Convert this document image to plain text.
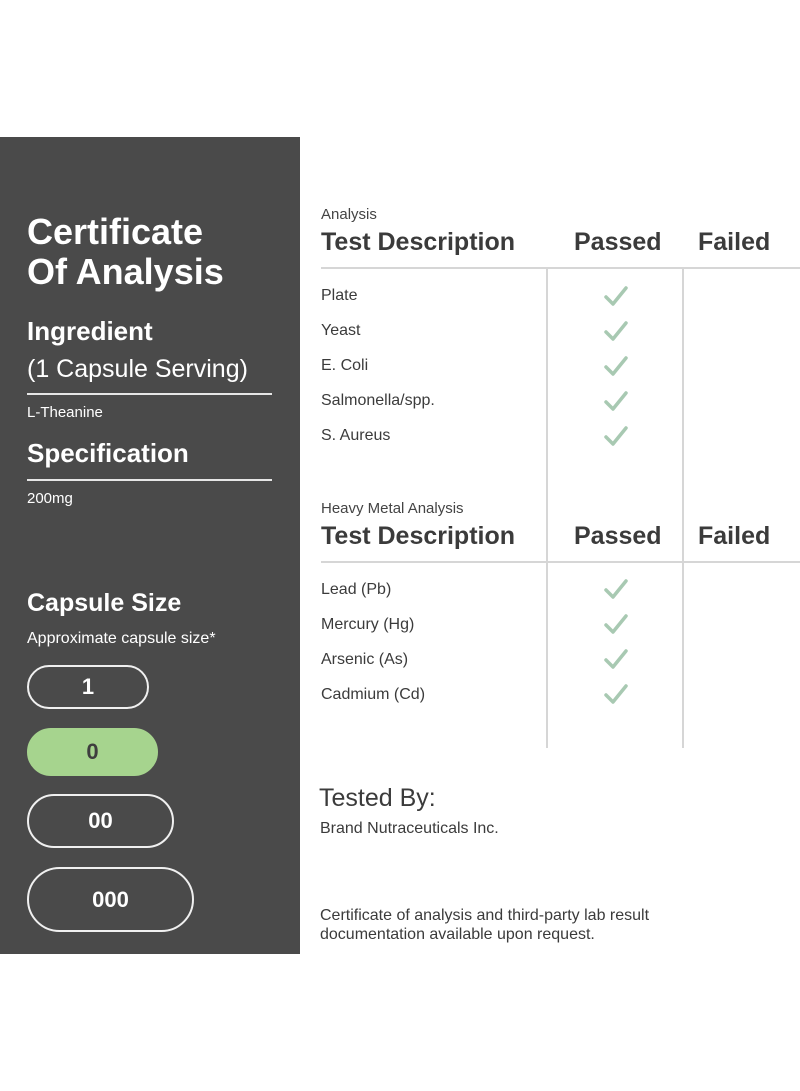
Certificate
Of Analysis
Ingredient
(1 Capsule Serving)
L-Theanine
Specification
200mg
Capsule Size
Approximate capsule size*
1
0
00
000
Analysis
Test Description Passed Failed
Plate
Yeast
E. Coli
Salmonella/spp.
S. Aureus
Heavy Metal Analysis
Test Description Passed Failed
Lead (Pb)
Mercury (Hg)
Arsenic (As)
Cadmium (Cd)
Tested By:
Brand Nutraceuticals Inc.
Certificate of analysis and third-party lab result documentation available upon request.
